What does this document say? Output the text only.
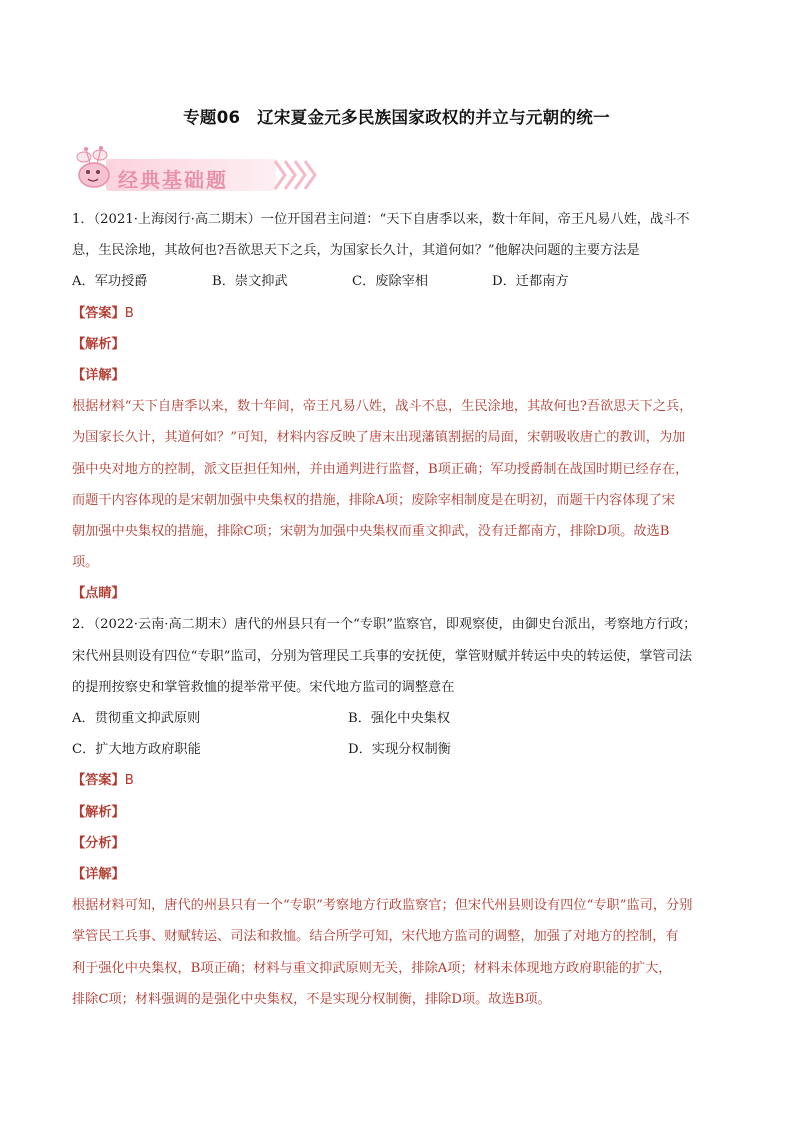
专题06　辽宋夏金元多民族国家政权的并立与元朝的统一
经典基础题
1．（2021·上海闵行·高二期末）一位开国君主问道：“天下自唐季以来，数十年间，帝王凡易八姓，战斗不
息，生民涂地，其故何也?吾欲思天下之兵，为国家长久计，其道何如？”他解决问题的主要方法是
A．军功授爵	B．崇文抑武	C．废除宰相	D．迁都南方
【答案】B
【解析】
【详解】
根据材料“天下自唐季以来，数十年间，帝王凡易八姓，战斗不息，生民涂地，其故何也?吾欲思天下之兵，
为国家长久计，其道何如？”可知，材料内容反映了唐末出现藩镇割据的局面，宋朝吸收唐亡的教训，为加
强中央对地方的控制，派文臣担任知州，并由通判进行监督，B项正确；军功授爵制在战国时期已经存在，
而题干内容体现的是宋朝加强中央集权的措施，排除A项；废除宰相制度是在明初，而题干内容体现了宋
朝加强中央集权的措施，排除C项；宋朝为加强中央集权而重文抑武，没有迁都南方，排除D项。故选B
项。
【点睛】
2．（2022·云南·高二期末）唐代的州县只有一个“专职”监察官，即观察使，由御史台派出，考察地方行政；
宋代州县则设有四位“专职”监司，分别为管理民工兵事的安抚使，掌管财赋并转运中央的转运使，掌管司法
的提刑按察史和掌管救恤的提举常平使。宋代地方监司的调整意在
A．贯彻重文抑武原则	B．强化中央集权
C．扩大地方政府职能	D．实现分权制衡
【答案】B
【解析】
【分析】
【详解】
根据材料可知，唐代的州县只有一个“专职”考察地方行政监察官；但宋代州县则设有四位“专职”监司，分别
掌管民工兵事、财赋转运、司法和救恤。结合所学可知，宋代地方监司的调整，加强了对地方的控制，有
利于强化中央集权，B项正确；材料与重文抑武原则无关，排除A项；材料未体现地方政府职能的扩大，
排除C项；材料强调的是强化中央集权，不是实现分权制衡，排除D项。故选B项。
